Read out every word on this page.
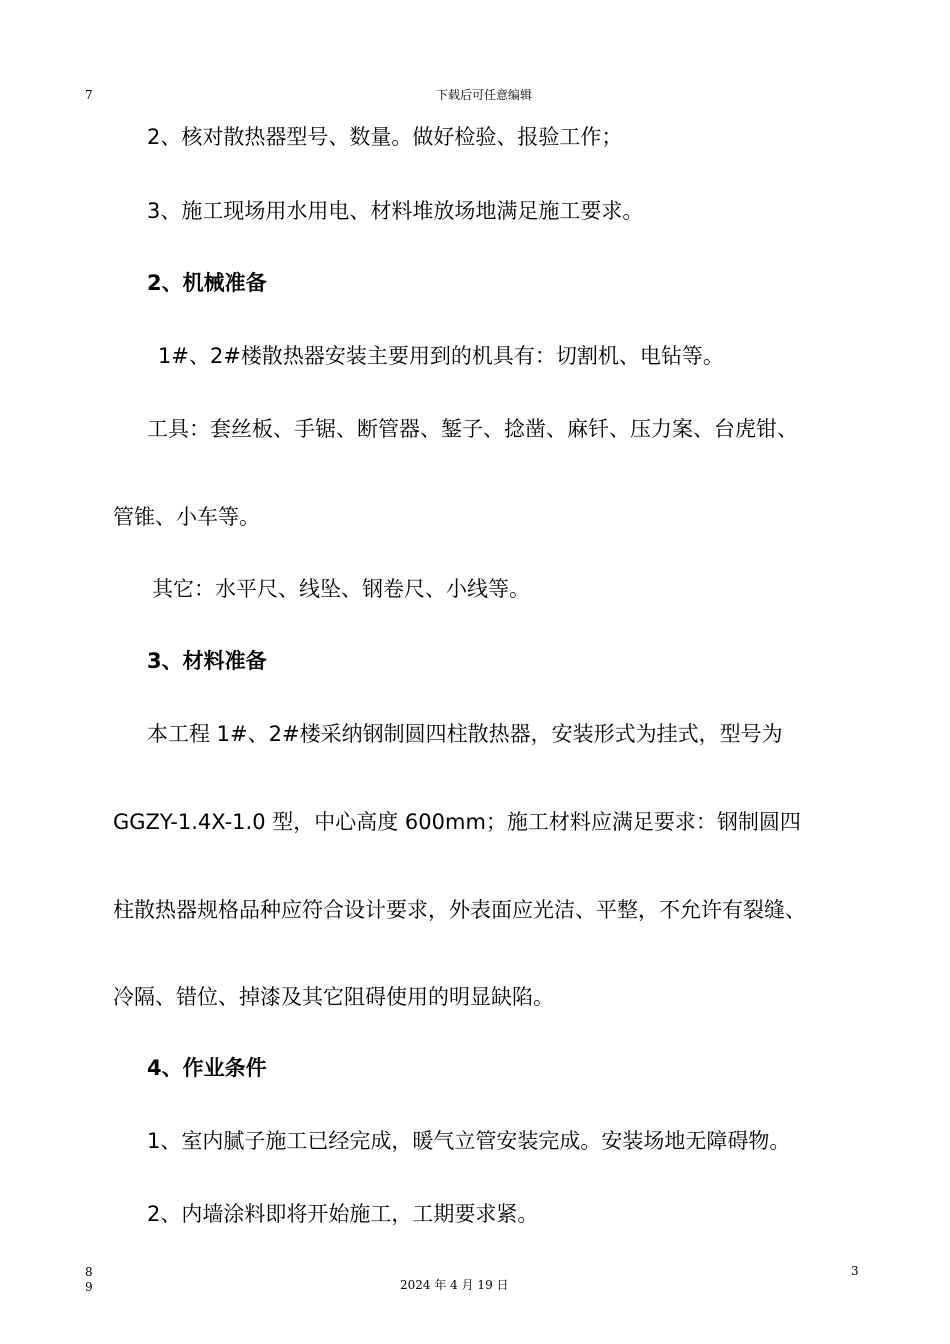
7	下载后可任意编辑
2、核对散热器型号、数量。做好检验、报验工作；
3、施工现场用水用电、材料堆放场地满足施工要求。
2、机械准备
1#、2#楼散热器安装主要用到的机具有：切割机、电钻等。
工具：套丝板、手锯、断管器、錾子、捻凿、麻钎、压力案、台虎钳、
管锥、小车等。
其它：水平尺、线坠、钢卷尺、小线等。
3、材料准备
本工程 1#、2#楼采纳钢制圆四柱散热器，安装形式为挂式，型号为
GGZY-1.4X-1.0 型，中心高度 600mm；施工材料应满足要求：钢制圆四
柱散热器规格品种应符合设计要求，外表面应光洁、平整，不允许有裂缝、
冷隔、错位、掉漆及其它阻碍使用的明显缺陷。
4、作业条件
1、室内腻子施工已经完成，暖气立管安装完成。安装场地无障碍物。
2、内墙涂料即将开始施工，工期要求紧。
8
9	2024 年 4 月 19 日
3
